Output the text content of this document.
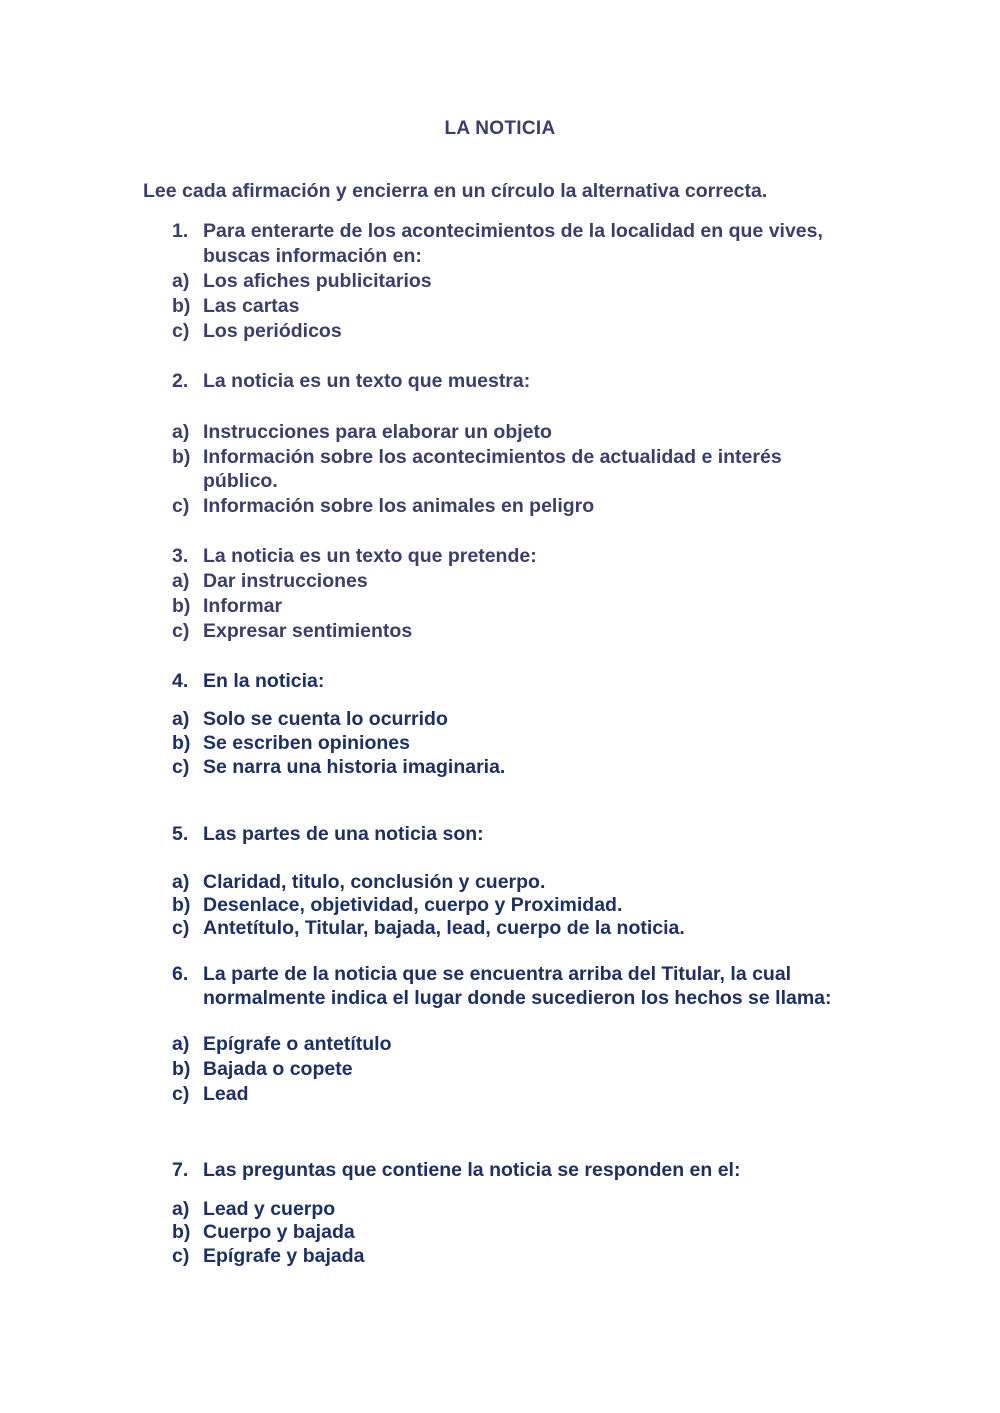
LA NOTICIA
Lee cada afirmación y encierra en un círculo la alternativa correcta.
1. Para enterarte de los acontecimientos de la localidad en que vives,
buscas información en:
a) Los afiches publicitarios
b) Las cartas
c) Los periódicos
2. La noticia es un texto que muestra:
a) Instrucciones para elaborar un objeto
b) Información sobre los acontecimientos de actualidad e interés
público.
c) Información sobre los animales en peligro
3. La noticia es un texto que pretende:
a) Dar instrucciones
b) Informar
c) Expresar sentimientos
4. En la noticia:
a) Solo se cuenta lo ocurrido
b) Se escriben opiniones
c) Se narra una historia imaginaria.
5. Las partes de una noticia son:
a) Claridad, titulo, conclusión y cuerpo.
b) Desenlace, objetividad, cuerpo y Proximidad.
c) Antetítulo, Titular, bajada, lead, cuerpo de la noticia.
6. La parte de la noticia que se encuentra arriba del Titular, la cual
normalmente indica el lugar donde sucedieron los hechos se llama:
a) Epígrafe o antetítulo
b) Bajada o copete
c) Lead
7. Las preguntas que contiene la noticia se responden en el:
a) Lead y cuerpo
b) Cuerpo y bajada
c) Epígrafe y bajada
